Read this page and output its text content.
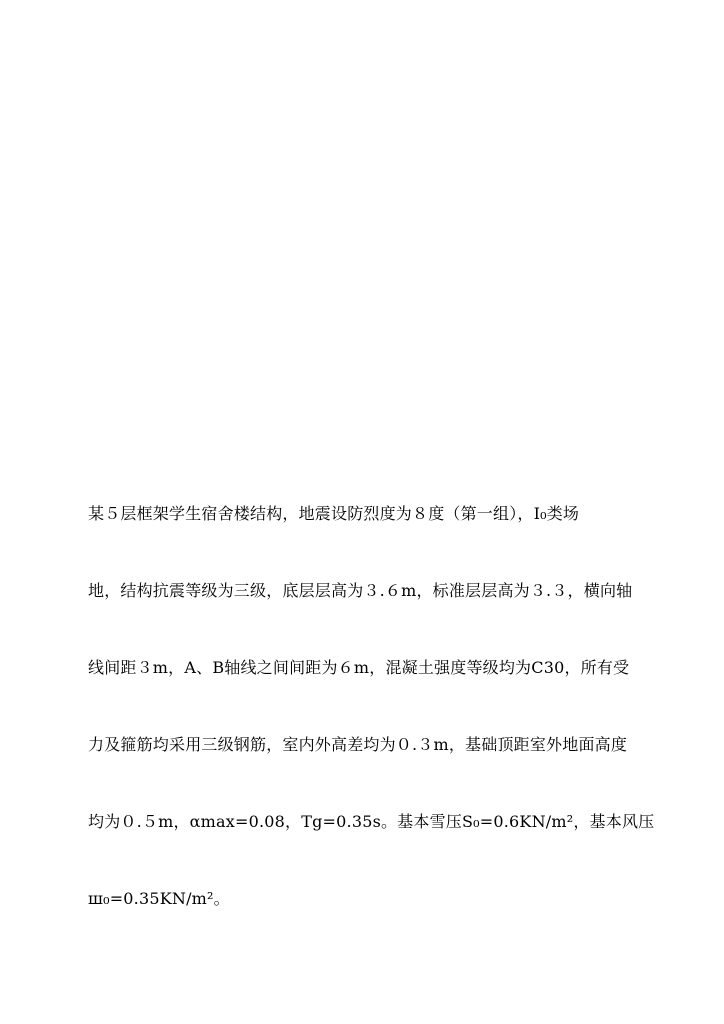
某５层框架学生宿舍楼结构，地震设防烈度为８度（第一组），Ⅰ₀类场
地，结构抗震等级为三级，底层层高为３.６m，标准层层高为３.３，横向轴
线间距３m，A、B轴线之间间距为６m，混凝土强度等级均为C30，所有受
力及箍筋均采用三级钢筋，室内外高差均为０.３m，基础顶距室外地面高度
均为０.５m，αmax=0.08，Tg=0.35s。基本雪压S₀=0.6KN/m²，基本风压
ш₀=0.35KN/m²。
